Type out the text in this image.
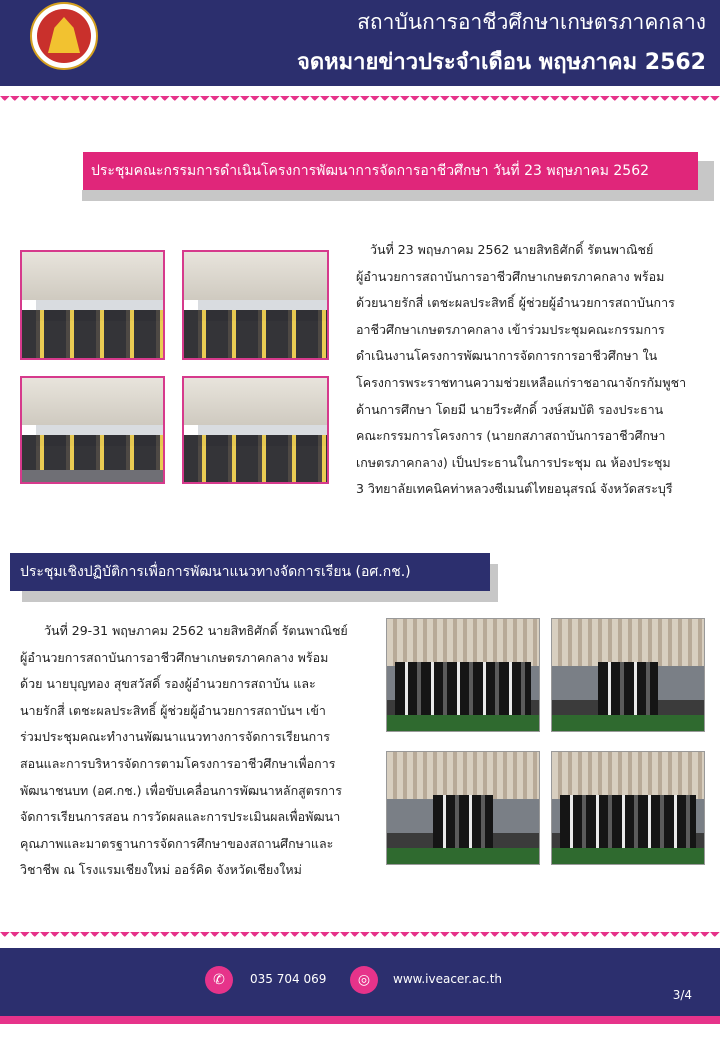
สถาบันการอาชีวศึกษาเกษตรภาคกลาง
จดหมายข่าวประจำเดือน พฤษภาคม 2562
ประชุมคณะกรรมการดำเนินโครงการพัฒนาการจัดการอาชีวศึกษา วันที่ 23 พฤษภาคม 2562
วันที่ 23 พฤษภาคม 2562 นายสิทธิศักดิ์ รัตนพาณิชย์
ผู้อำนวยการสถาบันการอาชีวศึกษาเกษตรภาคกลาง พร้อม
ด้วยนายรักสี่ เตชะผลประสิทธิ์ ผู้ช่วยผู้อำนวยการสถาบันการ
อาชีวศึกษาเกษตรภาคกลาง เข้าร่วมประชุมคณะกรรมการ
ดำเนินงานโครงการพัฒนาการจัดการการอาชีวศึกษา ใน
โครงการพระราชทานความช่วยเหลือแก่ราชอาณาจักรกัมพูชา
ด้านการศึกษา โดยมี นายวีระศักดิ์ วงษ์สมบัติ รองประธาน
คณะกรรมการโครงการ (นายกสภาสถาบันการอาชีวศึกษา
เกษตรภาคกลาง) เป็นประธานในการประชุม ณ ห้องประชุม
3 วิทยาลัยเทคนิคท่าหลวงซีเมนต์ไทยอนุสรณ์ จังหวัดสระบุรี
ประชุมเชิงปฏิบัติการเพื่อการพัฒนาแนวทางจัดการเรียน (อศ.กช.)
วันที่ 29-31 พฤษภาคม 2562 นายสิทธิศักดิ์ รัตนพาณิชย์
ผู้อำนวยการสถาบันการอาชีวศึกษาเกษตรภาคกลาง พร้อม
ด้วย นายบุญทอง สุขสวัสดิ์ รองผู้อำนวยการสถาบัน และ
นายรักสี่ เตชะผลประสิทธิ์ ผู้ช่วยผู้อำนวยการสถาบันฯ เข้า
ร่วมประชุมคณะทำงานพัฒนาแนวทางการจัดการเรียนการ
สอนและการบริหารจัดการตามโครงการอาชีวศึกษาเพื่อการ
พัฒนาชนบท (อศ.กช.) เพื่อขับเคลื่อนการพัฒนาหลักสูตรการ
จัดการเรียนการสอน การวัดผลและการประเมินผลเพื่อพัฒนา
คุณภาพและมาตรฐานการจัดการศึกษาของสถานศึกษาและ
วิชาชีพ ณ โรงแรมเชียงใหม่ ออร์คิด จังหวัดเชียงใหม่
✆	035 704 069	◎	www.iveacer.ac.th
3/4
